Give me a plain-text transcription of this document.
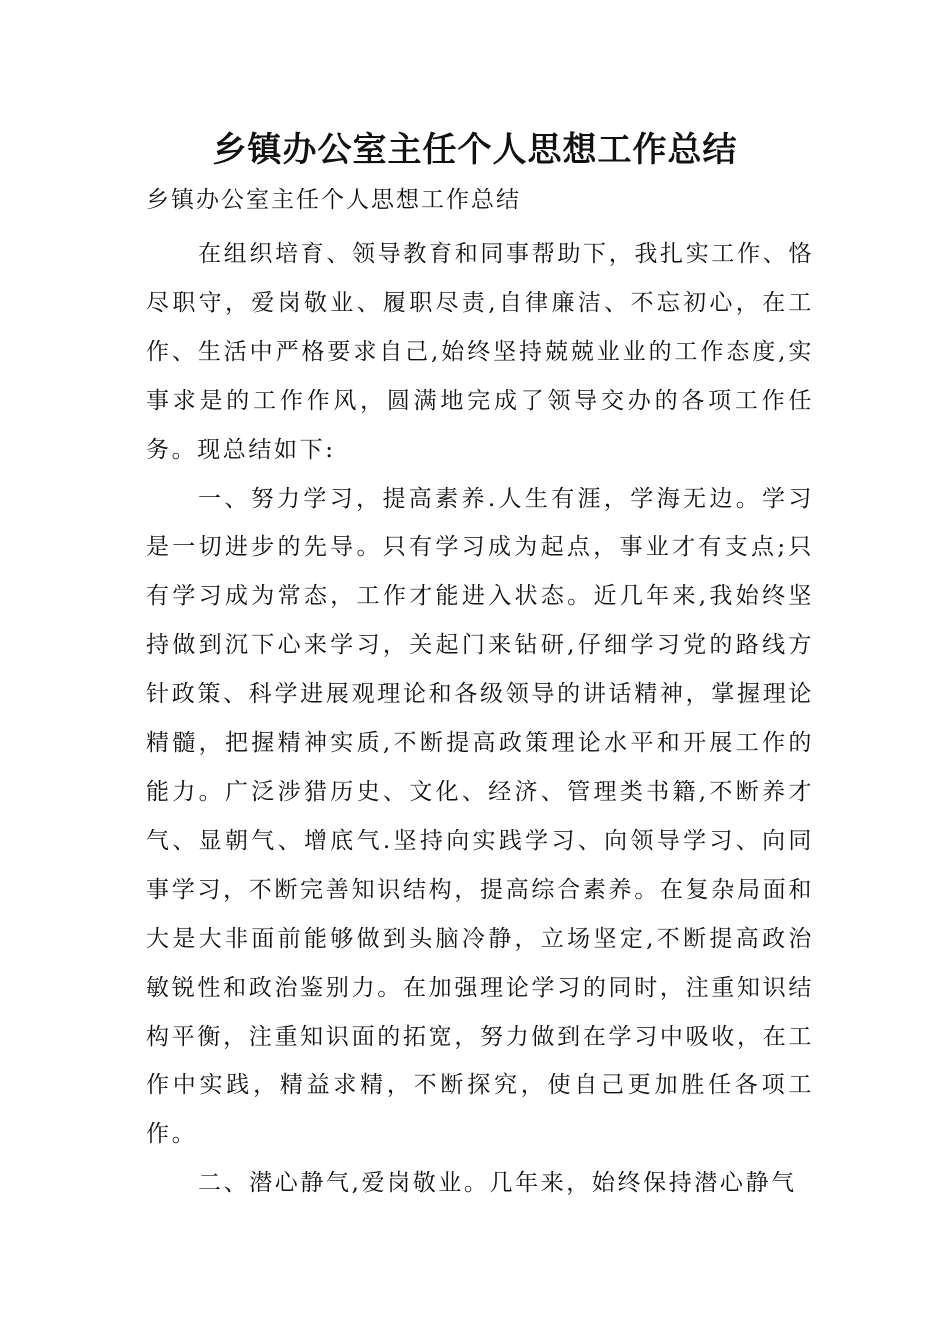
乡镇办公室主任个人思想工作总结

乡镇办公室主任个人思想工作总结

在组织培育、领导教育和同事帮助下，我扎实工作、恪尽职守，爱岗敬业、履职尽责,自律廉洁、不忘初心，在工作、生活中严格要求自己,始终坚持兢兢业业的工作态度,实事求是的工作作风，圆满地完成了领导交办的各项工作任务。现总结如下:

一、努力学习，提高素养.人生有涯，学海无边。学习是一切进步的先导。只有学习成为起点，事业才有支点;只有学习成为常态，工作才能进入状态。近几年来,我始终坚持做到沉下心来学习，关起门来钻研,仔细学习党的路线方针政策、科学进展观理论和各级领导的讲话精神，掌握理论精髓，把握精神实质,不断提高政策理论水平和开展工作的能力。广泛涉猎历史、文化、经济、管理类书籍,不断养才气、显朝气、增底气.坚持向实践学习、向领导学习、向同事学习，不断完善知识结构，提高综合素养。在复杂局面和大是大非面前能够做到头脑冷静，立场坚定,不断提高政治敏锐性和政治鉴别力。在加强理论学习的同时，注重知识结构平衡，注重知识面的拓宽，努力做到在学习中吸收，在工作中实践，精益求精，不断探究，使自己更加胜任各项工作。

二、潜心静气,爱岗敬业。几年来，始终保持潜心静气
